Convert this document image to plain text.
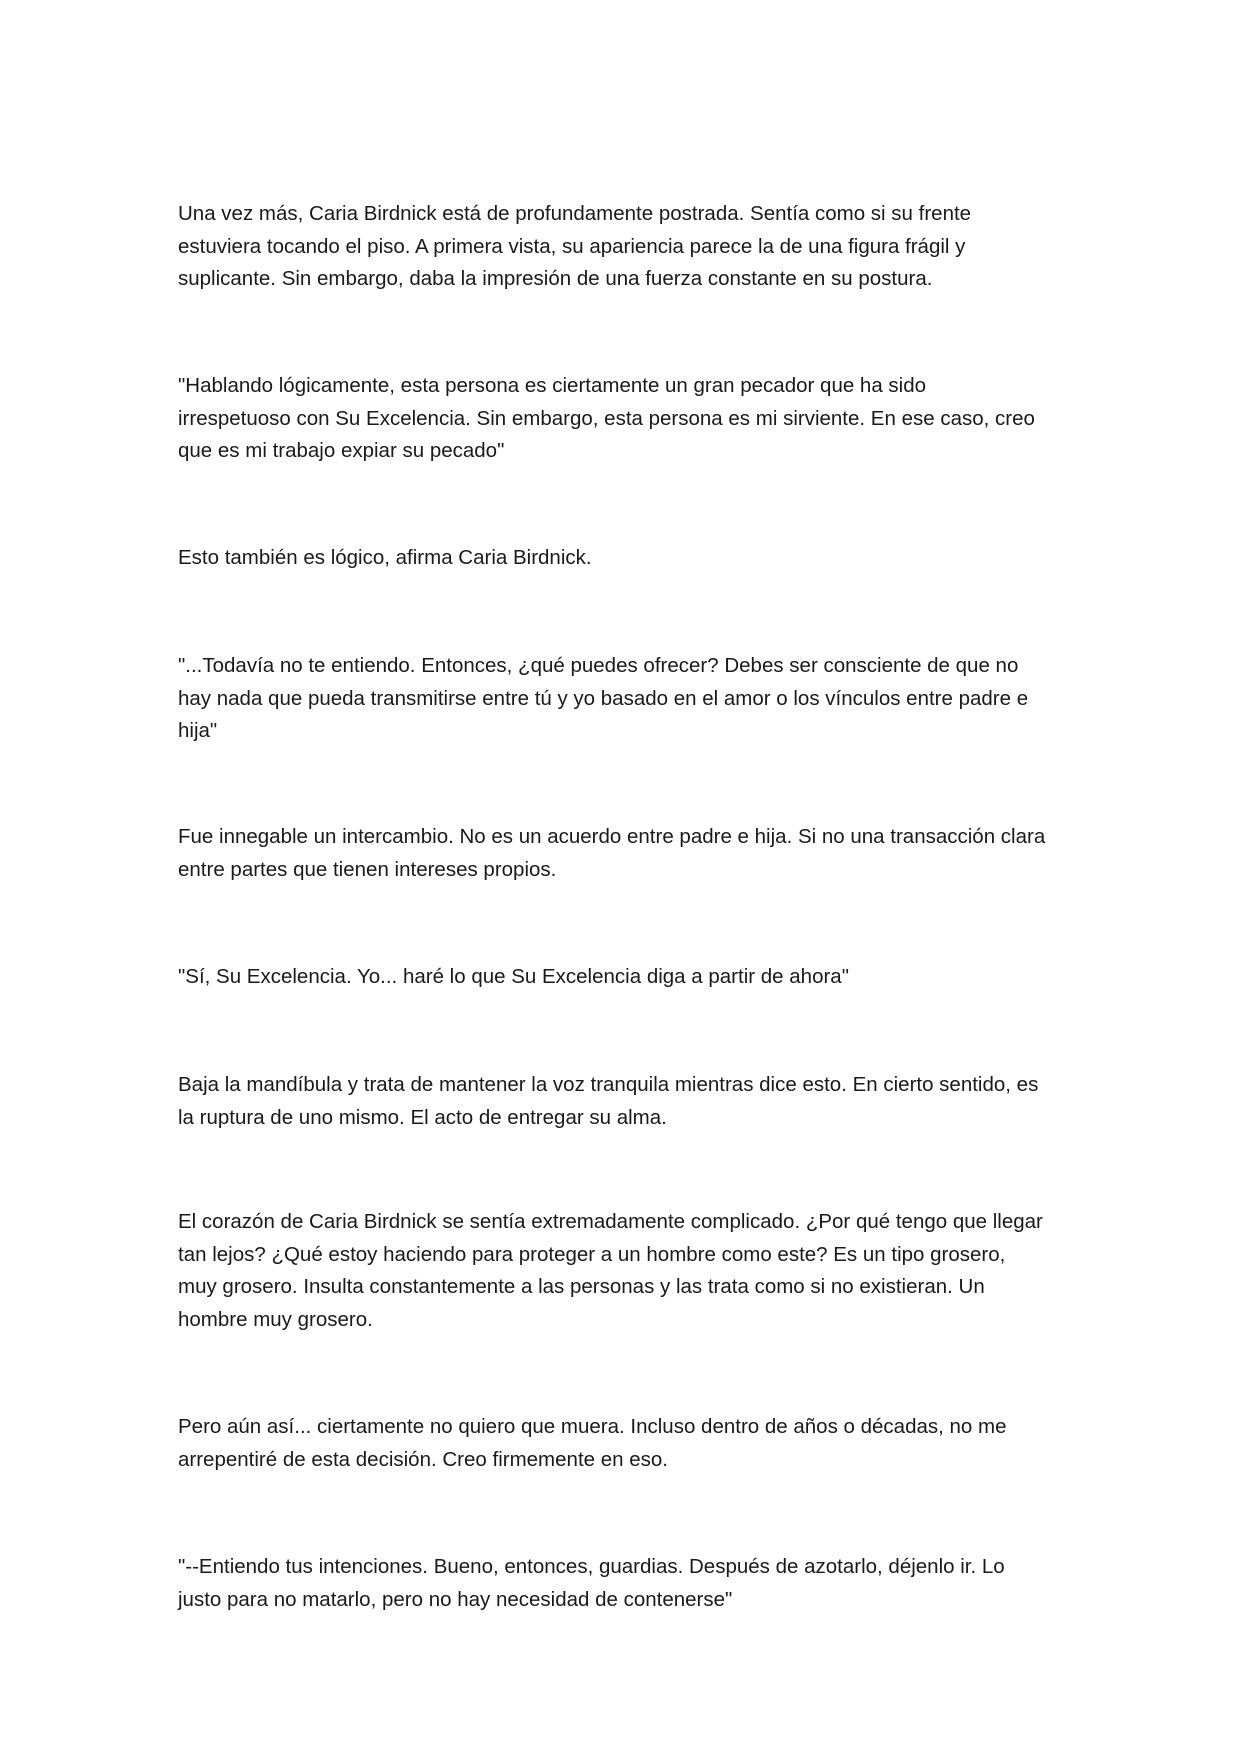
Una vez más, Caria Birdnick está de profundamente postrada. Sentía como si su frente
estuviera tocando el piso. A primera vista, su apariencia parece la de una figura frágil y
suplicante. Sin embargo, daba la impresión de una fuerza constante en su postura.

"Hablando lógicamente, esta persona es ciertamente un gran pecador que ha sido
irrespetuoso con Su Excelencia. Sin embargo, esta persona es mi sirviente. En ese caso, creo
que es mi trabajo expiar su pecado"

Esto también es lógico, afirma Caria Birdnick.

"...Todavía no te entiendo. Entonces, ¿qué puedes ofrecer? Debes ser consciente de que no
hay nada que pueda transmitirse entre tú y yo basado en el amor o los vínculos entre padre e
hija"

Fue innegable un intercambio. No es un acuerdo entre padre e hija. Si no una transacción clara
entre partes que tienen intereses propios.

"Sí, Su Excelencia. Yo... haré lo que Su Excelencia diga a partir de ahora"

Baja la mandíbula y trata de mantener la voz tranquila mientras dice esto. En cierto sentido, es
la ruptura de uno mismo. El acto de entregar su alma.

El corazón de Caria Birdnick se sentía extremadamente complicado. ¿Por qué tengo que llegar
tan lejos? ¿Qué estoy haciendo para proteger a un hombre como este? Es un tipo grosero,
muy grosero. Insulta constantemente a las personas y las trata como si no existieran. Un
hombre muy grosero.

Pero aún así... ciertamente no quiero que muera. Incluso dentro de años o décadas, no me
arrepentiré de esta decisión. Creo firmemente en eso.

"--Entiendo tus intenciones. Bueno, entonces, guardias. Después de azotarlo, déjenlo ir. Lo
justo para no matarlo, pero no hay necesidad de contenerse"
